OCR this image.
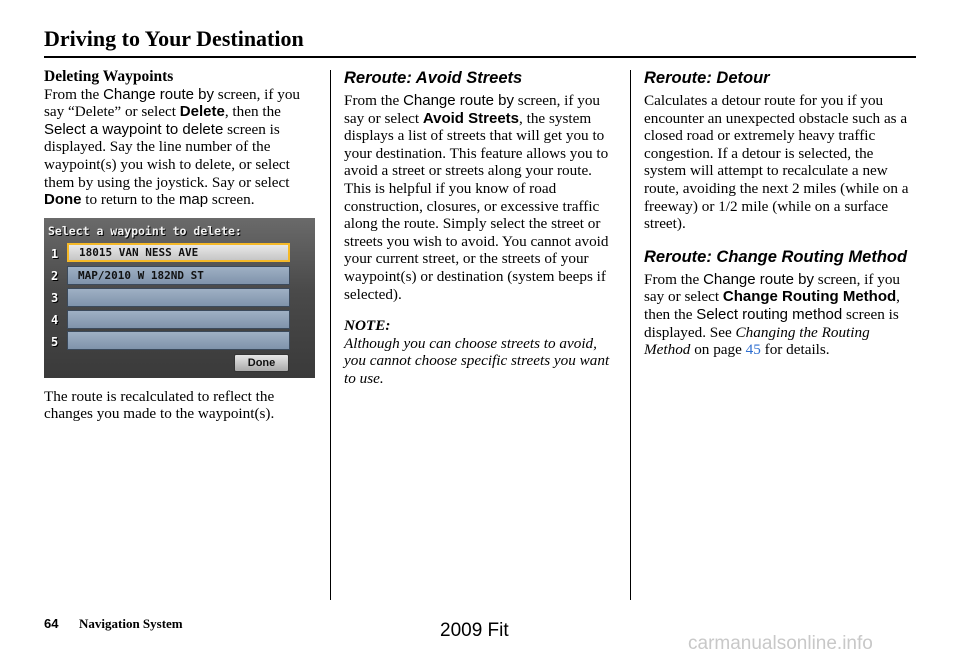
Driving to Your Destination

Deleting Waypoints

From the Change route by screen, if you say “Delete” or select Delete, then the Select a waypoint to delete screen is displayed. Say the line number of the waypoint(s) you wish to delete, or select them by using the joystick. Say or select Done to return to the map screen.

Select a waypoint to delete:
1	18015 VAN NESS AVE
2	MAP/2010 W 182ND ST
3
4
5
Done

The route is recalculated to reflect the changes you made to the waypoint(s).

Reroute: Avoid Streets

From the Change route by screen, if you say or select Avoid Streets, the system displays a list of streets that will get you to your destination. This feature allows you to avoid a street or streets along your route. This is helpful if you know of road construction, closures, or excessive traffic along the route. Simply select the street or streets you wish to avoid. You cannot avoid your current street, or the streets of your waypoint(s) or destination (system beeps if selected).

NOTE:

Although you can choose streets to avoid, you cannot choose specific streets you want to use.

Reroute: Detour

Calculates a detour route for you if you encounter an unexpected obstacle such as a closed road or extremely heavy traffic congestion. If a detour is selected, the system will attempt to recalculate a new route, avoiding the next 2 miles (while on a freeway) or 1/2 mile (while on a surface street).

Reroute: Change Routing Method

From the Change route by screen, if you say or select Change Routing Method, then the Select routing method screen is displayed. See Changing the Routing Method on page 45 for details.

64 Navigation System	2009 Fit
carmanualsonline.info
